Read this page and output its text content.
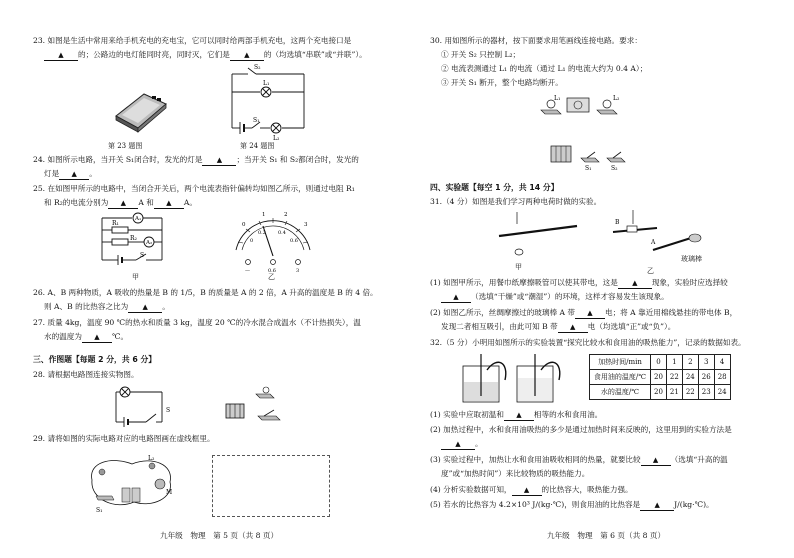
23. 如图是生活中常用来给手机充电的充电宝，它可以同时给两部手机充电，这两个充电接口是
▲ 的；公路边的电灯能同时亮，同时灭，它们是 ▲ 的（均选填“串联”或“并联”）。
第 23 题图
S₂
L₁
S₁
L₂
第 24 题图
24. 如图所示电路，当开关 S₁闭合时，发光的灯是 ▲ ；当开关 S₁ 和 S₂都闭合时，发光的
灯是 ▲ 。
25. 在如图甲所示的电路中，当闭合开关后，两个电流表指针偏转均如图乙所示，则通过电阻 R₁
和 R₂的电流分别为 ▲ A 和 ▲ A。
A₁
A₂
R₁
R₂
S
甲
0
1	2
3
0
0.2 0.4
0.6
—	0.6	3
乙
26. A、B 两种物质，A 吸收的热量是 B 的 1/5，B 的质量是 A 的 2 倍，A 升高的温度是 B 的 4 倍。
则 A、B 的比热容之比为 ▲ 。
27. 质量 4kg，温度 90 ℃的热水和质量 3 kg，温度 20 ℃的冷水混合成温水（不计热损失），温
水的温度为 ▲ ℃。
三、作图题【每题 2 分，共 6 分】
28. 请根据电路图连接实物图。
S
29. 请将如图的实际电路对应的电路图画在虚线框里。
L₂
S₁
M
九年级　物理　第 5 页（共 8 页）
30. 用如图所示的器材，按下面要求用笔画线连接电路。要求：
① 开关 S₂ 只控制 L₂；
② 电流表测通过 L₁ 的电流（通过 L₁ 的电流大约为 0.4 A）；
③ 开关 S₁ 断开，整个电路均断开。
L₁	L₂
S₁	S₂
四、实验题【每空 1 分，共 14 分】
31.（4 分）如图是我们学习两种电荷时做的实验。
甲
B
A
玻璃棒
乙
(1) 如图甲所示，用餐巾纸摩擦吸管可以使其带电，这是 ▲ 现象，实验时应选择较
▲ （选填“干燥”或“潮湿”）的环境，这样才容易发生该现象。
(2) 如图乙所示，丝绸摩擦过的玻璃棒 A 带 ▲ 电；将 A 靠近用棉线悬挂的带电体 B，
发现二者相互吸引，由此可知 B 带 ▲ 电（均选填“正”或“负”）。
32.（5 分）小明用如图所示的实验装置“探究比较水和食用油的吸热能力”，记录的数据如表。
加热时间/min	0	1	2	3	4
食用油的温度/℃	20	22	24	26	28
水的温度/℃	20	21	22	23	24
(1) 实验中应取初温和 ▲ 相等的水和食用油。
(2) 加热过程中，水和食用油吸热的多少是通过加热时间来反映的，这里用到的实验方法是
▲ 。
(3) 实验过程中，加热让水和食用油吸收相同的热量，就要比较 ▲ （选填“升高的温
度”或“加热时间”）来比较物质的吸热能力。
(4) 分析实验数据可知， ▲ 的比热容大，吸热能力强。
(5) 若水的比热容为 4.2×10³ J/(kg·℃)，则食用油的比热容是 ▲ J/(kg·℃)。
九年级　物理　第 6 页（共 8 页）
